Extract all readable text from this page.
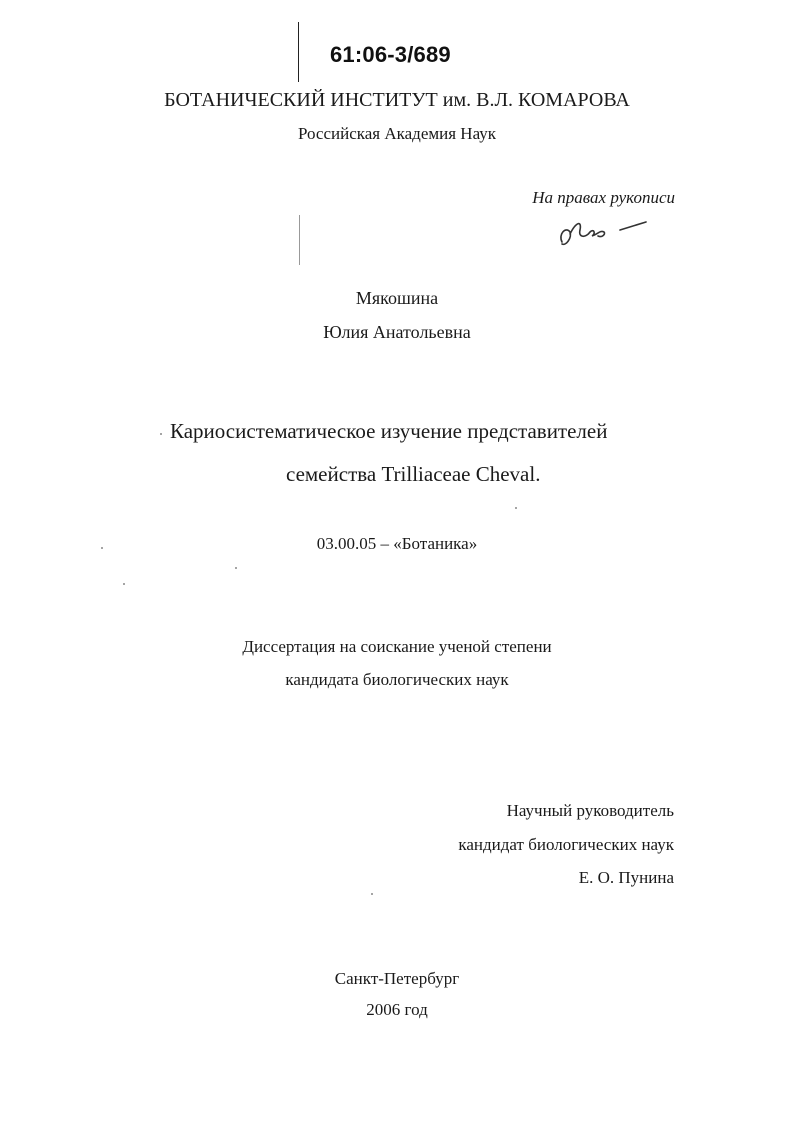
61:06-3/689
БОТАНИЧЕСКИЙ ИНСТИТУТ им. В.Л. КОМАРОВА
Российская Академия Наук
На правах рукописи
Мякошина
Юлия Анатольевна
Кариосистематическое изучение представителей
семейства Trilliaceae Cheval.
03.00.05 – «Ботаника»
Диссертация на соискание ученой степени
кандидата биологических наук
Научный руководитель
кандидат биологических наук
Е. О. Пунина
Санкт-Петербург
2006 год
